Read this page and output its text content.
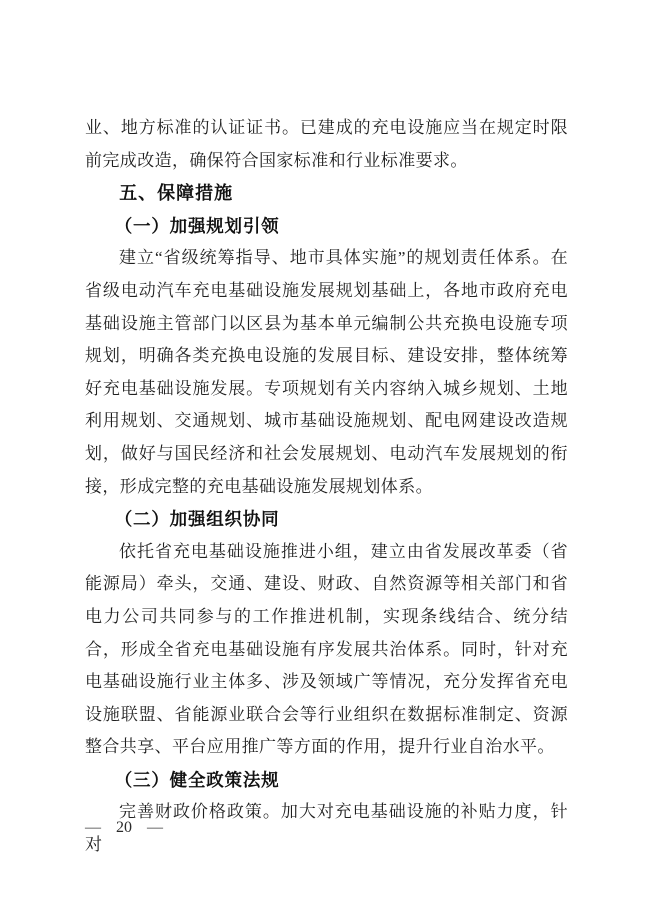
业、地方标准的认证证书。已建成的充电设施应当在规定时限前完成改造，确保符合国家标准和行业标准要求。

五、保障措施
（一）加强规划引领

建立“省级统筹指导、地市具体实施”的规划责任体系。在省级电动汽车充电基础设施发展规划基础上，各地市政府充电基础设施主管部门以区县为基本单元编制公共充换电设施专项规划，明确各类充换电设施的发展目标、建设安排，整体统筹好充电基础设施发展。专项规划有关内容纳入城乡规划、土地利用规划、交通规划、城市基础设施规划、配电网建设改造规划，做好与国民经济和社会发展规划、电动汽车发展规划的衔接，形成完整的充电基础设施发展规划体系。

（二）加强组织协同

依托省充电基础设施推进小组，建立由省发展改革委（省能源局）牵头，交通、建设、财政、自然资源等相关部门和省电力公司共同参与的工作推进机制，实现条线结合、统分结合，形成全省充电基础设施有序发展共治体系。同时，针对充电基础设施行业主体多、涉及领域广等情况，充分发挥省充电设施联盟、省能源业联合会等行业组织在数据标准制定、资源整合共享、平台应用推广等方面的作用，提升行业自治水平。

（三）健全政策法规

完善财政价格政策。加大对充电基础设施的补贴力度，针对

— 20 —
